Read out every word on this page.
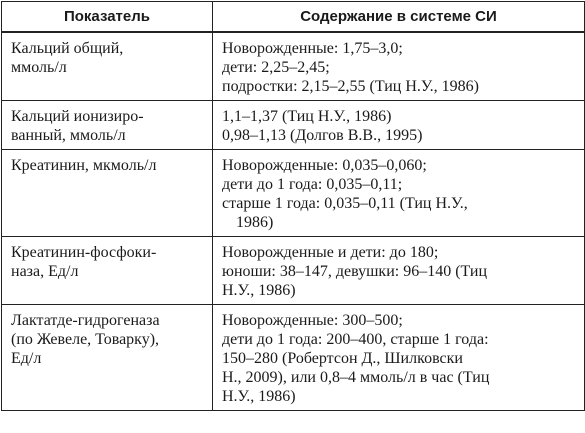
Показатель	Содержание в системе СИ

Кальций общий,
ммоль/л	Новорожденные: 1,75–3,0;
дети: 2,25–2,45;
подростки: 2,15–2,55 (Тиц Н.У., 1986)

Кальций ионизиро-
ванный, ммоль/л	1,1–1,37 (Тиц Н.У., 1986)
0,98–1,13 (Долгов В.В., 1995)

Креатинин, мкмоль/л	Новорожденные: 0,035–0,060;
дети до 1 года: 0,035–0,11;
старше 1 года: 0,035–0,11 (Тиц Н.У.,
1986)

Креатинин-фосфоки-
наза, Ед/л	Новорожденные и дети: до 180;
юноши: 38–147, девушки: 96–140 (Тиц
Н.У., 1986)

Лактатде-гидрогеназа
(по Жевеле, Товарку),
Ед/л	Новорожденные: 300–500;
дети до 1 года: 200–400, старше 1 года:
150–280 (Робертсон Д., Шилковски
Н., 2009), или 0,8–4 ммоль/л в час (Тиц
Н.У., 1986)
